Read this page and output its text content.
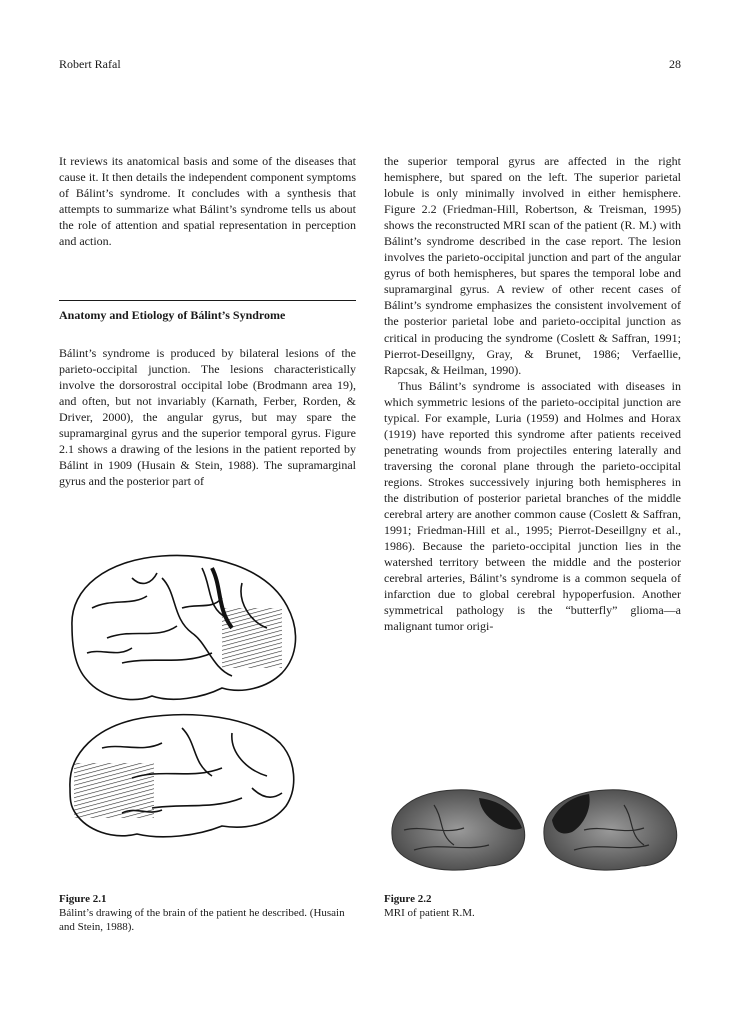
Robert Rafal	28

It reviews its anatomical basis and some of the diseases that cause it. It then details the independent component symptoms of Bálint’s syndrome. It concludes with a synthesis that attempts to summarize what Bálint’s syndrome tells us about the role of attention and spatial representation in perception and action.

Anatomy and Etiology of Bálint’s Syndrome

Bálint’s syndrome is produced by bilateral lesions of the parieto-occipital junction. The lesions characteristically involve the dorsorostral occipital lobe (Brodmann area 19), and often, but not invariably (Karnath, Ferber, Rorden, & Driver, 2000), the angular gyrus, but may spare the supramarginal gyrus and the superior temporal gyrus. Figure 2.1 shows a drawing of the lesions in the patient reported by Bálint in 1909 (Husain & Stein, 1988). The supramarginal gyrus and the posterior part of

the superior temporal gyrus are affected in the right hemisphere, but spared on the left. The superior parietal lobule is only minimally involved in either hemisphere. Figure 2.2 (Friedman-Hill, Robertson, & Treisman, 1995) shows the reconstructed MRI scan of the patient (R. M.) with Bálint’s syndrome described in the case report. The lesion involves the parieto-occipital junction and part of the angular gyrus of both hemispheres, but spares the temporal lobe and supramarginal gyrus. A review of other recent cases of Bálint’s syndrome emphasizes the consistent involvement of the posterior parietal lobe and parieto-occipital junction as critical in producing the syndrome (Coslett & Saffran, 1991; Pierrot-Deseillgny, Gray, & Brunet, 1986; Verfaellie, Rapcsak, & Heilman, 1990).

Thus Bálint’s syndrome is associated with diseases in which symmetric lesions of the parieto-occipital junction are typical. For example, Luria (1959) and Holmes and Horax (1919) have reported this syndrome after patients received penetrating wounds from projectiles entering laterally and traversing the coronal plane through the parieto-occipital regions. Strokes successively injuring both hemispheres in the distribution of posterior parietal branches of the middle cerebral artery are another common cause (Coslett & Saffran, 1991; Friedman-Hill et al., 1995; Pierrot-Deseillgny et al., 1986). Because the parieto-occipital junction lies in the watershed territory between the middle and the posterior cerebral arteries, Bálint’s syndrome is a common sequela of infarction due to global cerebral hypoperfusion. Another symmetrical pathology is the “butterfly” glioma—a malignant tumor origi-

Figure 2.1
Bálint’s drawing of the brain of the patient he described. (Husain and Stein, 1988).
Figure 2.2
MRI of patient R.M.
